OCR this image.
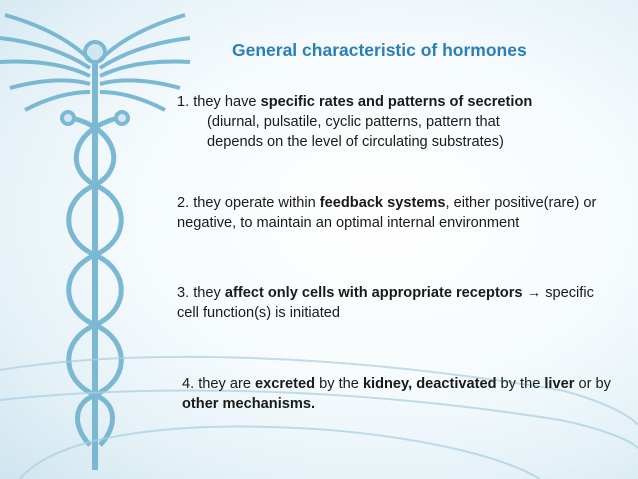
General characteristic of hormones
1. they have specific rates and patterns of secretion
(diurnal, pulsatile, cyclic patterns, pattern that
depends on the level of circulating substrates)
2. they operate within feedback systems, either positive(rare) or negative, to maintain an optimal internal environment
3. they affect only cells with appropriate receptors → specific cell function(s) is initiated
4. they are excreted by the kidney, deactivated by the liver or by other mechanisms.
